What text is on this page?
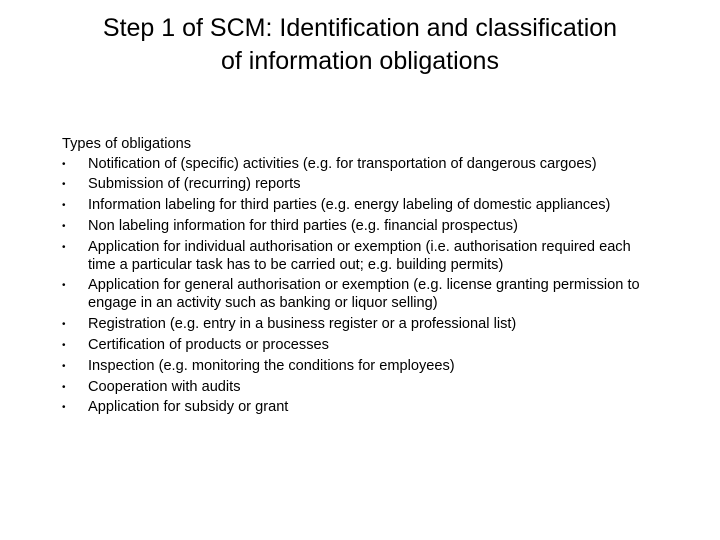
Step 1 of SCM: Identification and classification
of information obligations
Types of obligations
•	Notification of (specific) activities (e.g. for transportation of dangerous cargoes)
•	Submission of (recurring) reports
•	Information labeling for third parties (e.g. energy labeling of domestic appliances)
•	Non labeling information for third parties (e.g. financial prospectus)
•	Application for individual authorisation or exemption (i.e. authorisation required each time a particular task has to be carried out; e.g. building permits)
•	Application for general authorisation or exemption (e.g. license granting permission to engage in an activity such as banking or liquor selling)
•	Registration (e.g. entry in a business register or a professional list)
•	Certification of products or processes
•	Inspection (e.g. monitoring the conditions for employees)
•	Cooperation with audits
•	Application for subsidy or grant
